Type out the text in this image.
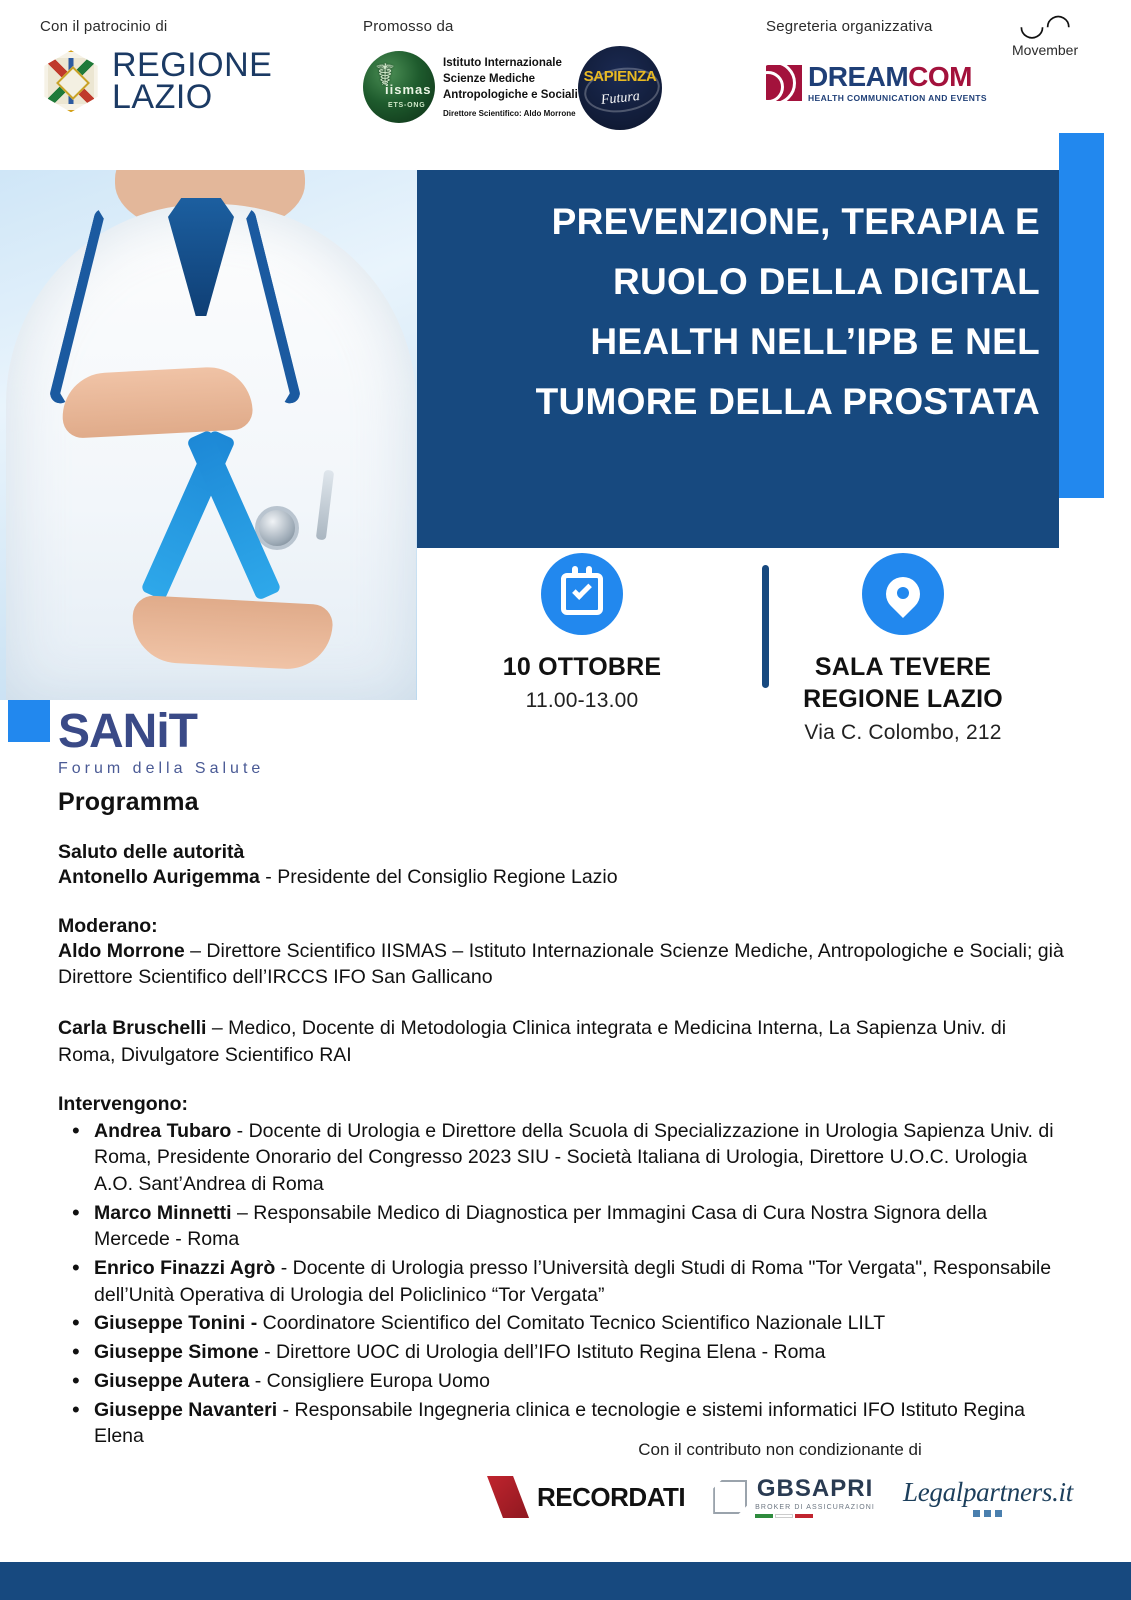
Con il patrocinio di
REGIONE
LAZIO
Promosso da
☤
iismas
ETS-ONG
Istituto Internazionale
Scienze Mediche
Antropologiche e Sociali
Direttore Scientifico: Aldo Morrone
SAPIENZA
Futura
Segreteria organizzativa
DREAMCOM
HEALTH COMMUNICATION AND EVENTS
◡◠
Movember
PREVENZIONE, TERAPIA E
RUOLO DELLA DIGITAL
HEALTH NELL’IPB E NEL
TUMORE DELLA PROSTATA
10 OTTOBRE
11.00-13.00
SALA TEVERE
REGIONE LAZIO
Via C. Colombo, 212
SANiT
Forum della Salute
Programma
Saluto delle autorità
Antonello Aurigemma - Presidente del Consiglio Regione Lazio
Moderano:
Aldo Morrone – Direttore Scientifico IISMAS – Istituto Internazionale Scienze Mediche, Antropologiche e Sociali; già Direttore Scientifico dell’IRCCS IFO San Gallicano
Carla Bruschelli – Medico, Docente di Metodologia Clinica integrata e Medicina Interna, La Sapienza Univ. di Roma, Divulgatore Scientifico RAI
Intervengono:
• Andrea Tubaro - Docente di Urologia e Direttore della Scuola di Specializzazione in Urologia Sapienza Univ. di Roma, Presidente Onorario del Congresso 2023 SIU - Società Italiana di Urologia, Direttore U.O.C. Urologia A.O. Sant’Andrea di Roma
• Marco Minnetti – Responsabile Medico di Diagnostica per Immagini Casa di Cura Nostra Signora della Mercede - Roma
• Enrico Finazzi Agrò - Docente di Urologia presso l’Università degli Studi di Roma "Tor Vergata", Responsabile dell’Unità Operativa di Urologia del Policlinico “Tor Vergata”
• Giuseppe Tonini - Coordinatore Scientifico del Comitato Tecnico Scientifico Nazionale LILT
• Giuseppe Simone - Direttore UOC di Urologia dell’IFO Istituto Regina Elena - Roma
• Giuseppe Autera - Consigliere Europa Uomo
• Giuseppe Navanteri - Responsabile Ingegneria clinica e tecnologie e sistemi informatici IFO Istituto Regina Elena
Con il contributo non condizionante di
RECORDATI	GBSAPRI
BROKER DI ASSICURAZIONI Legalpartners.it
